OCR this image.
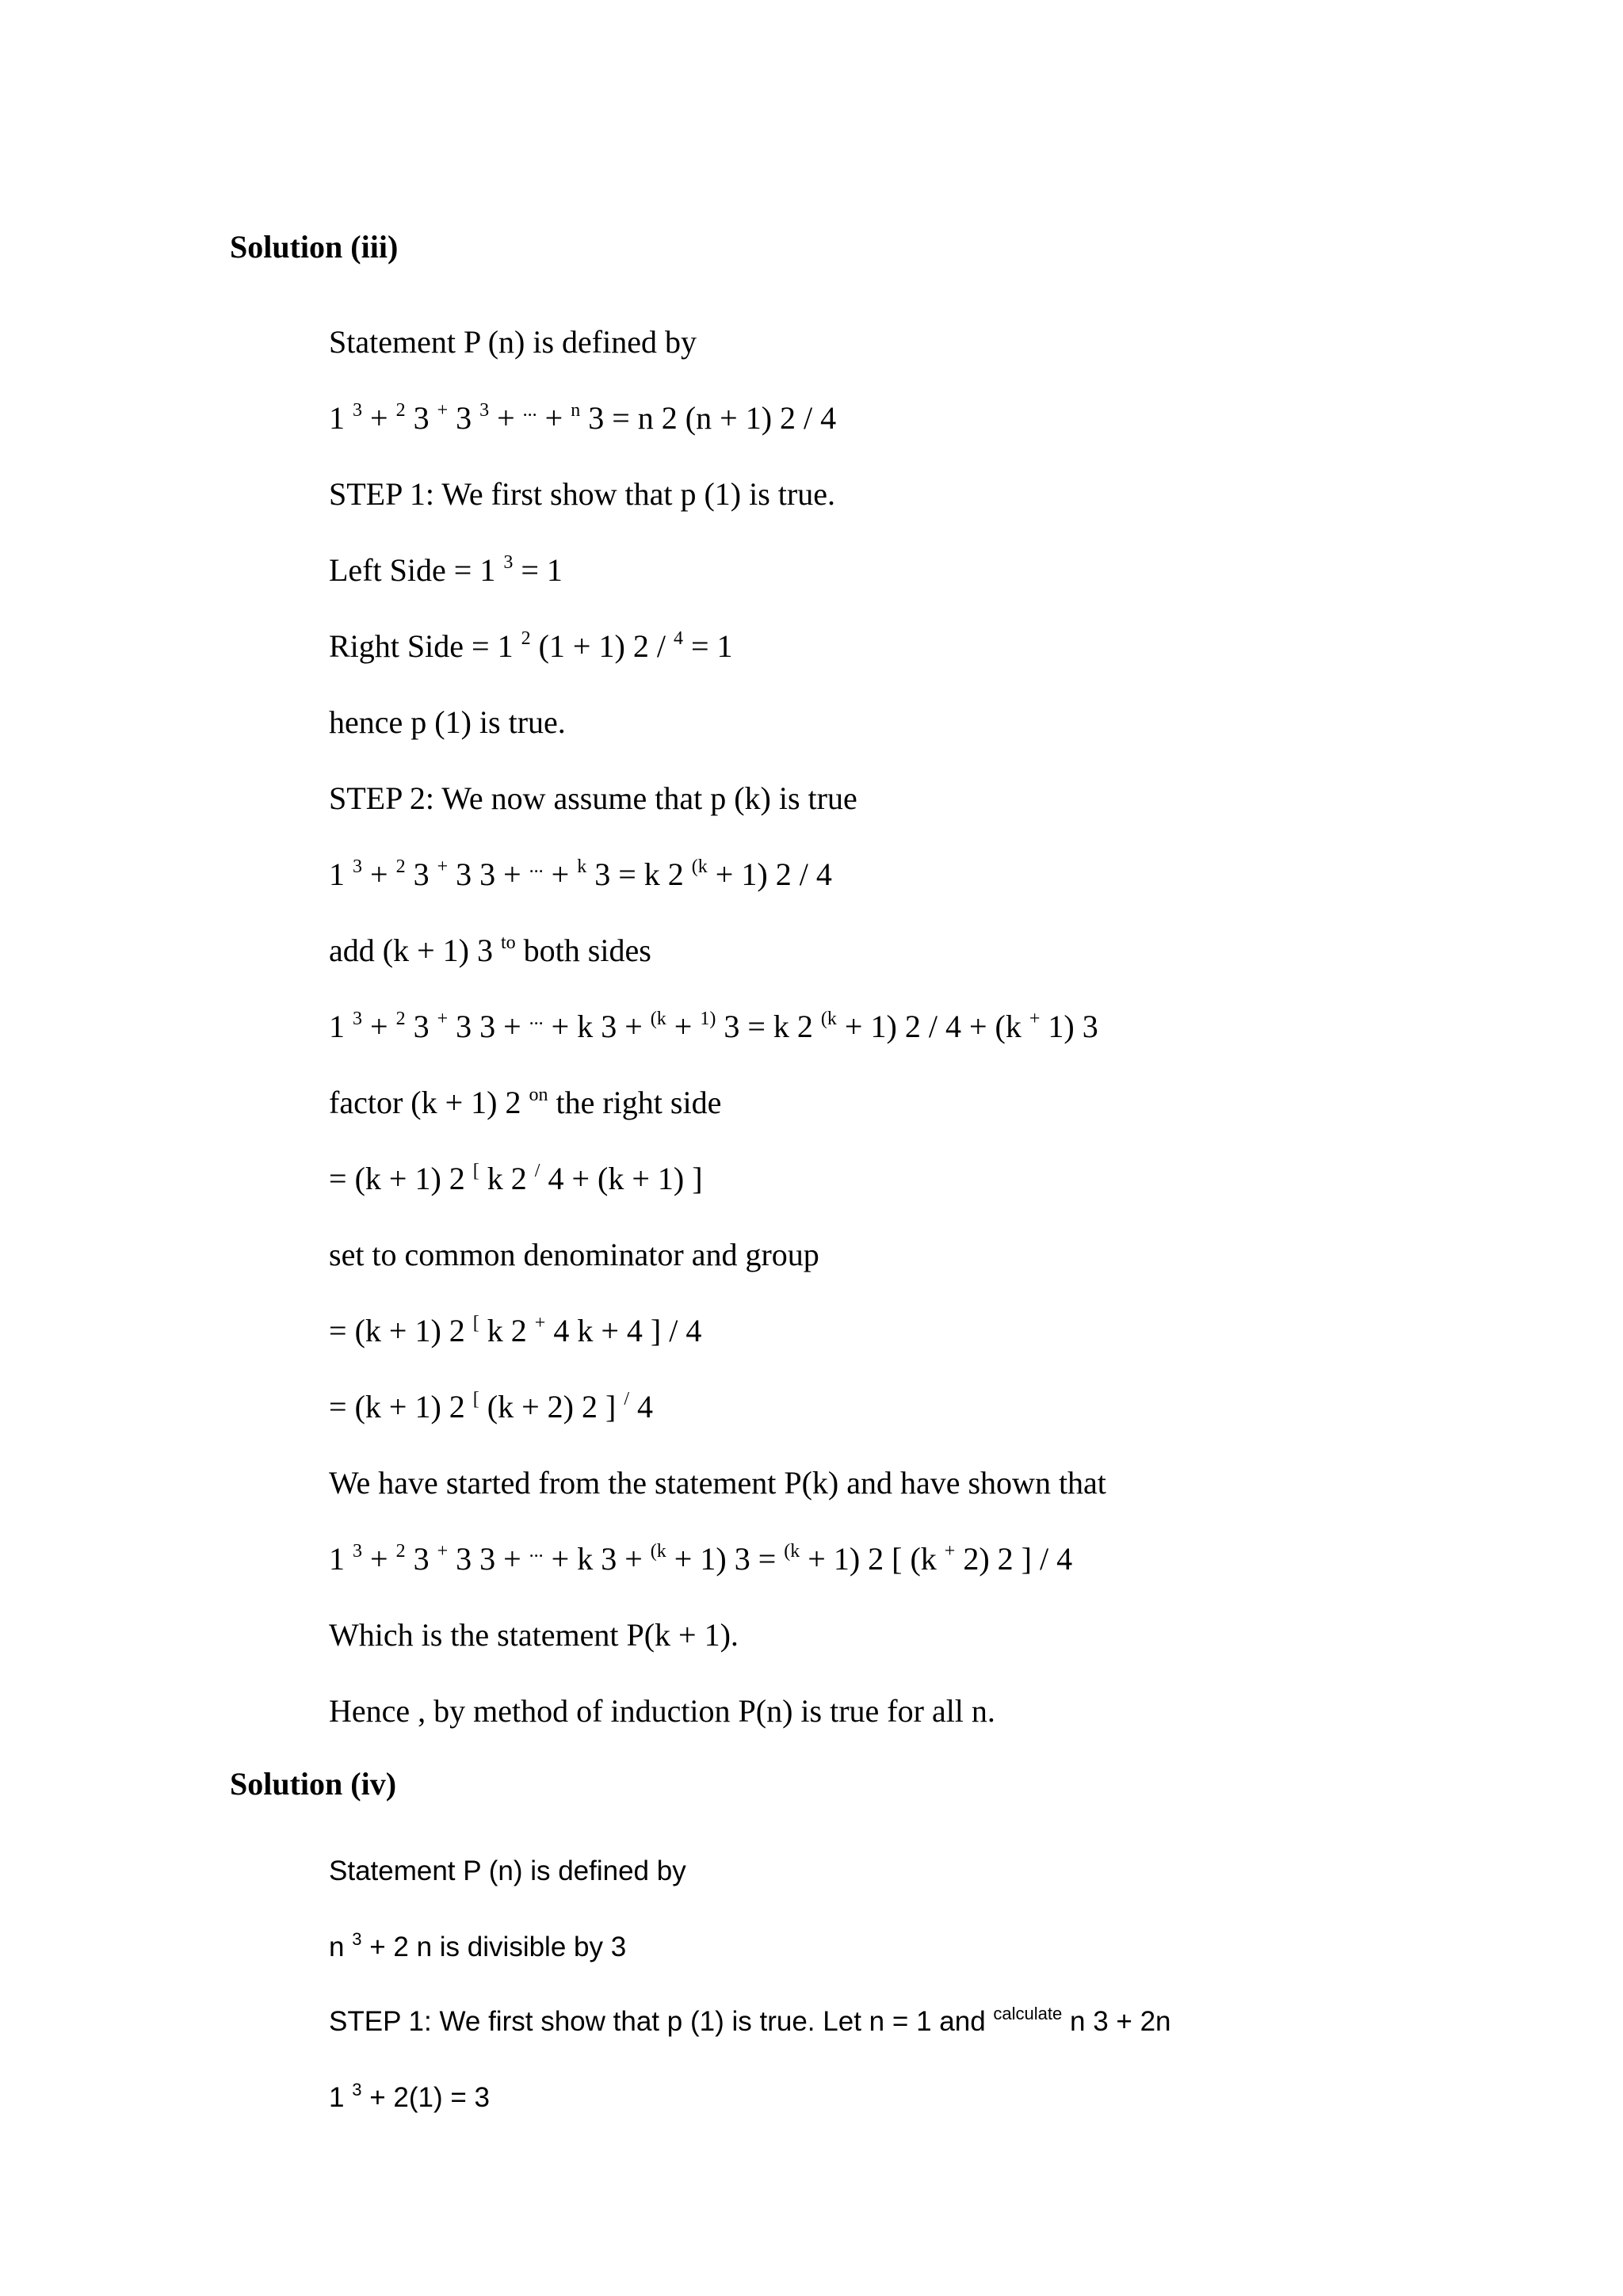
Solution (iii)
Statement P (n) is defined by
1 $^3$ + $^2$ 3 + 3 $^3$ + ... + $^n$ 3 = n 2 (n + 1) 2 / 4
STEP 1: We first show that p (1) is true.
Left Side = 1 $^3$ = 1
Right Side = 1 $^2$ (1 + 1) 2 / $^4$ = 1
hence p (1) is true.
STEP 2: We now assume that p (k) is true
1 $^3$ + $^2$ 3 + 3 3 + ... + $^k$ 3 = k 2 $^{(k}$ + 1) 2 / 4
add (k + 1) 3 $^{to}$ both sides
1 $^3$ + $^2$ 3 + 3 3 + ... + k 3 + $^{(k}$ + $^{1)}$ 3 = k 2 $^{(k}$ + 1) 2 / 4 + (k + 1) 3
factor (k + 1) 2 $^{on}$ the right side
= (k + 1) 2 [ k 2 / 4 + (k + 1) ]
set to common denominator and group
= (k + 1) 2 [ k 2 + 4 k + 4 ] / 4
= (k + 1) 2 [ (k + 2) 2 ] / 4
We have started from the statement P(k) and have shown that
1 $^3$ + $^2$ 3 + 3 3 + ... + k 3 + $^{(k}$ + 1) 3 = $^{(k}$ + 1) 2 [ (k + 2) 2 ] / 4
Which is the statement P(k + 1).
Hence , by method of induction P(n) is true for all n.
Solution (iv)
Statement P (n) is defined by
n $^3$ + 2 n is divisible by 3
STEP 1: We first show that p (1) is true. Let n = 1 and $^{calculate}$ n 3 + 2n
1 $^3$ + 2(1) = 3
